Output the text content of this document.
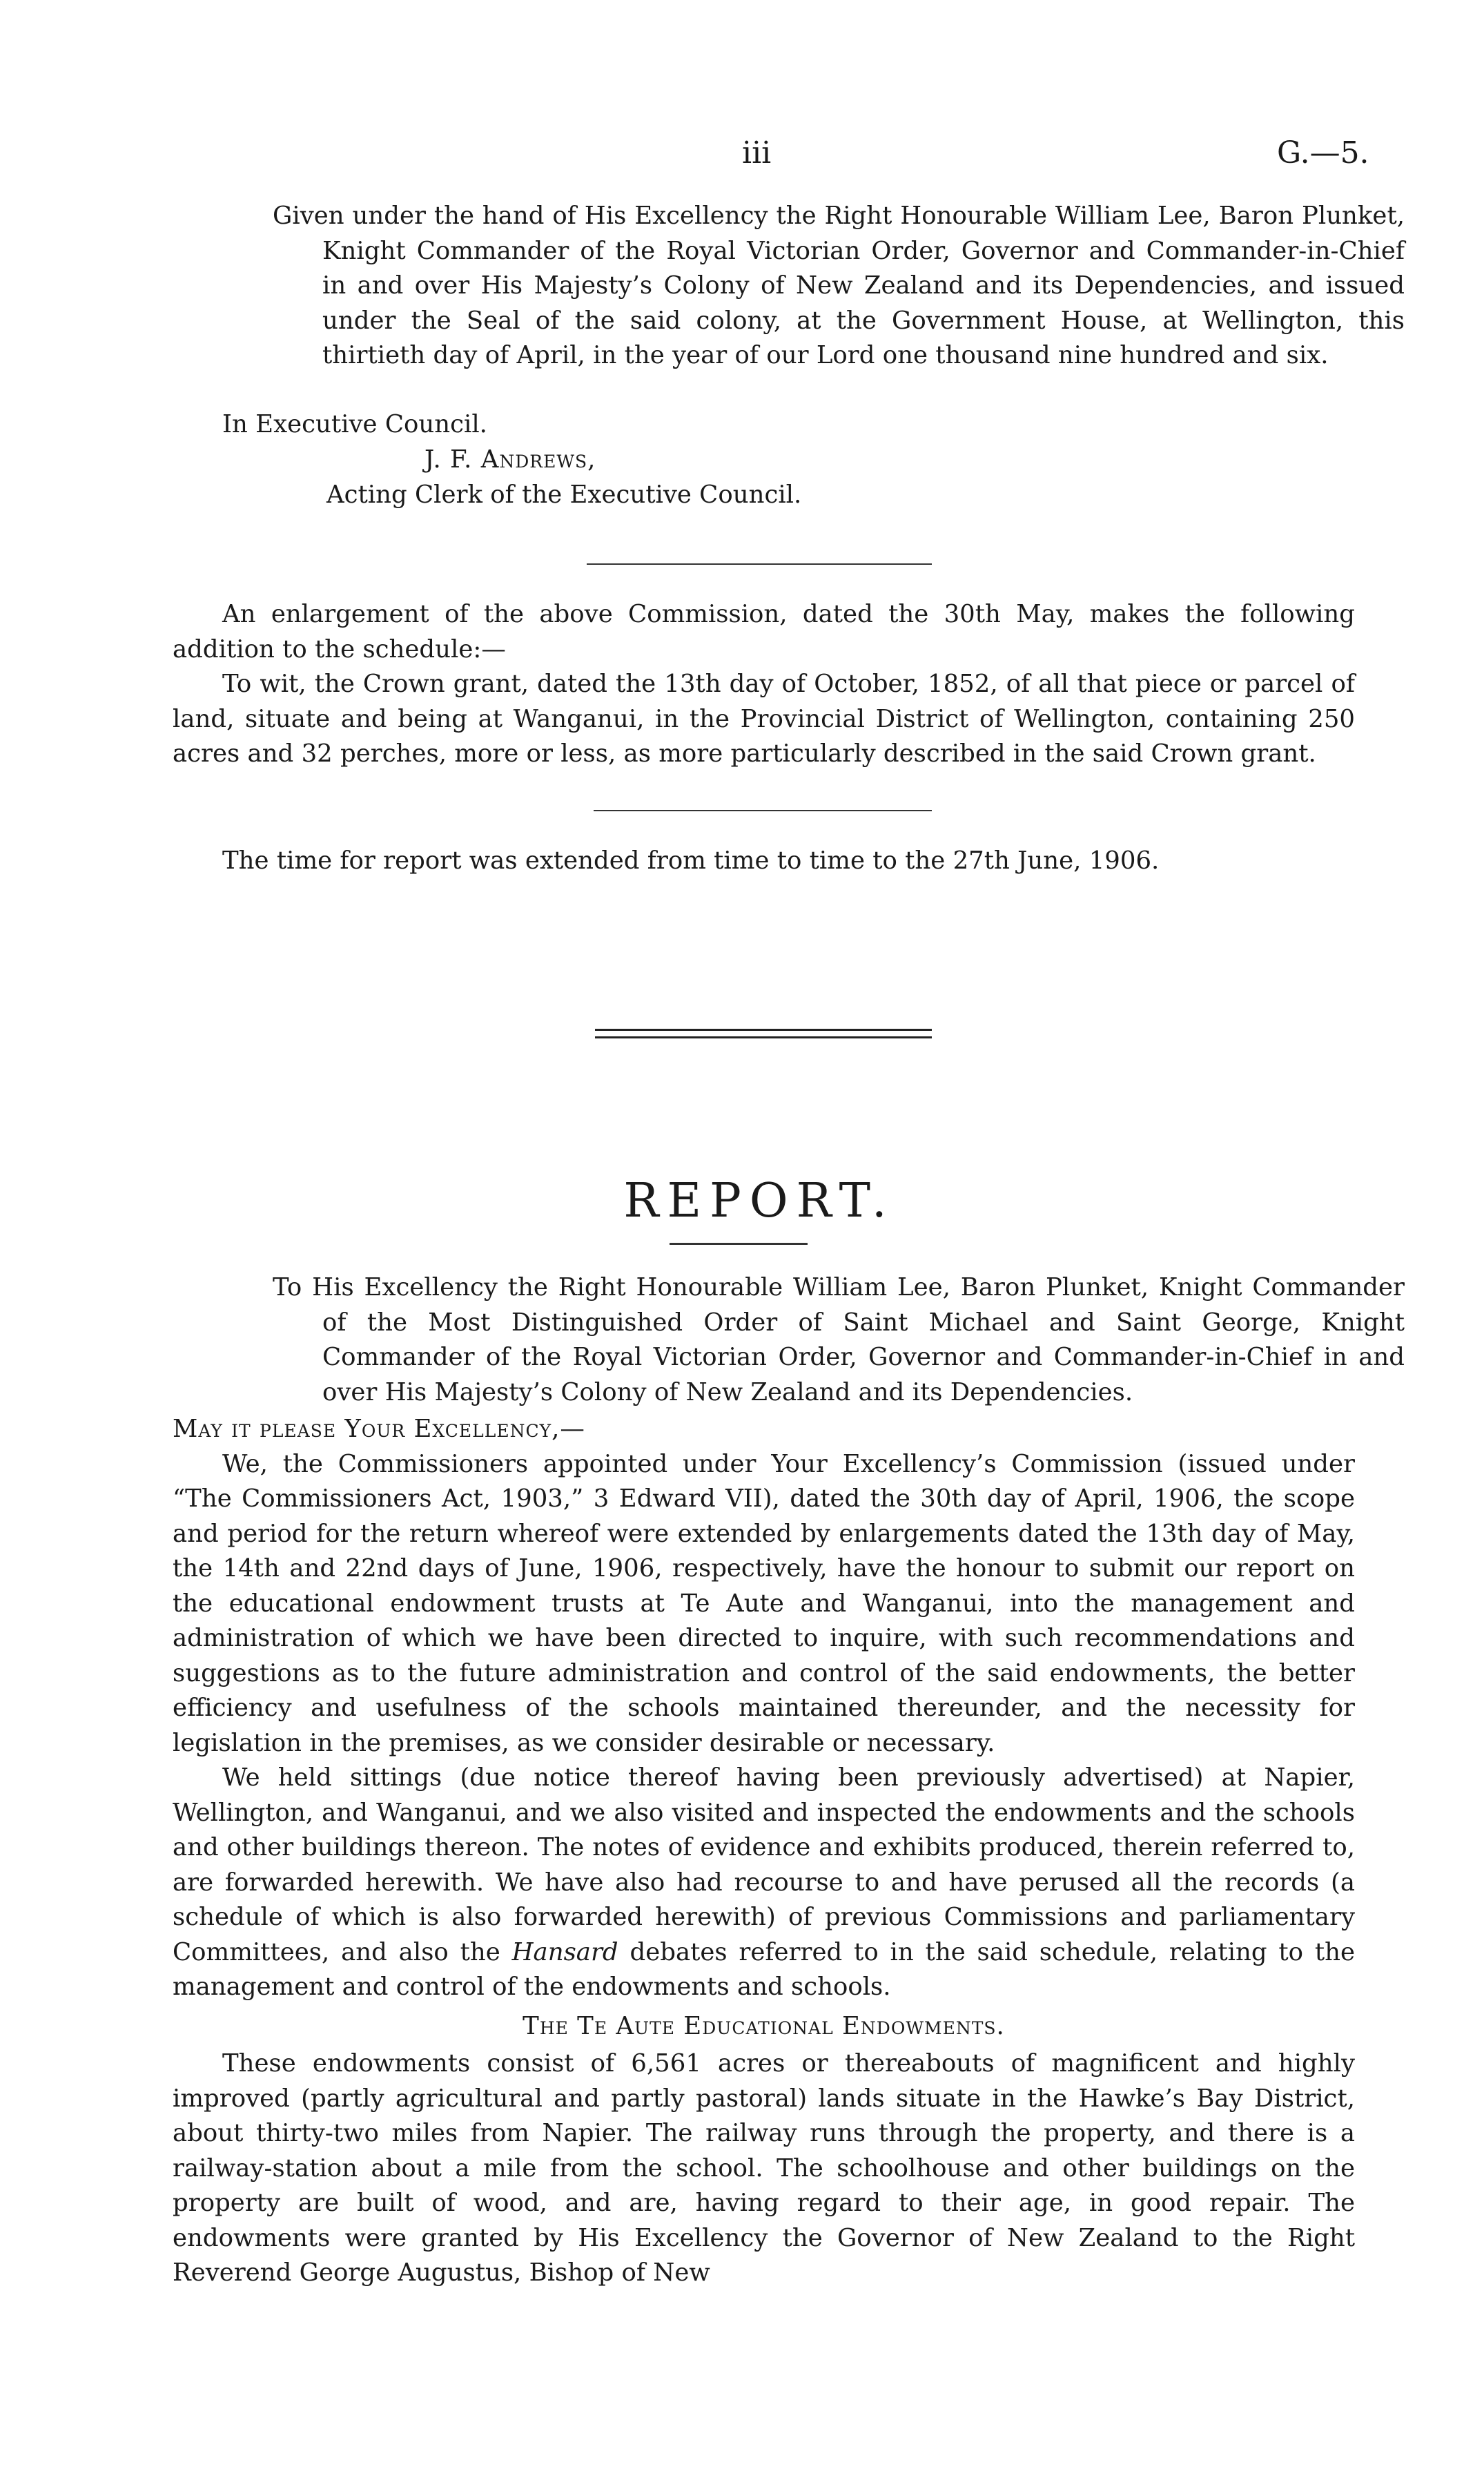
iii	G.—5.
Given under the hand of His Excellency the Right Honourable William Lee, Baron Plunket, Knight Commander of the Royal Victorian Order, Governor and Commander-in-Chief in and over His Majesty’s Colony of New Zealand and its Dependencies, and issued under the Seal of the said colony, at the Government House, at Wellington, this thirtieth day of April, in the year of our Lord one thousand nine hundred and six.
In Executive Council.
J. F. Andrews,
Acting Clerk of the Executive Council.

An enlargement of the above Commission, dated the 30th May, makes the following addition to the schedule:—

To wit, the Crown grant, dated the 13th day of October, 1852, of all that piece or parcel of land, situate and being at Wanganui, in the Provincial District of Wellington, containing 250 acres and 32 perches, more or less, as more particularly described in the said Crown grant.

The time for report was extended from time to time to the 27th June, 1906.
REPORT.
To His Excellency the Right Honourable William Lee, Baron Plunket, Knight Commander of the Most Distinguished Order of Saint Michael and Saint George, Knight Commander of the Royal Victorian Order, Governor and Commander-in-Chief in and over His Majesty’s Colony of New Zealand and its Dependencies.

May it please Your Excellency,—

We, the Commissioners appointed under Your Excellency’s Commission (issued under “The Commissioners Act, 1903,” 3 Edward VII), dated the 30th day of April, 1906, the scope and period for the return whereof were extended by enlargements dated the 13th day of May, the 14th and 22nd days of June, 1906, respectively, have the honour to submit our report on the educational endowment trusts at Te Aute and Wanganui, into the management and administration of which we have been directed to inquire, with such recommendations and suggestions as to the future administration and control of the said endowments, the better efficiency and usefulness of the schools maintained thereunder, and the necessity for legislation in the premises, as we consider desirable or necessary.

We held sittings (due notice thereof having been previously advertised) at Napier, Wellington, and Wanganui, and we also visited and inspected the endowments and the schools and other buildings thereon. The notes of evidence and exhibits produced, therein referred to, are forwarded herewith. We have also had recourse to and have perused all the records (a schedule of which is also forwarded herewith) of previous Commissions and parliamentary Committees, and also the Hansard debates referred to in the said schedule, relating to the management and control of the endowments and schools.

The Te Aute Educational Endowments.

These endowments consist of 6,561 acres or thereabouts of magnificent and highly improved (partly agricultural and partly pastoral) lands situate in the Hawke’s Bay District, about thirty-two miles from Napier. The railway runs through the property, and there is a railway-station about a mile from the school. The schoolhouse and other buildings on the property are built of wood, and are, having regard to their age, in good repair. The endowments were granted by His Excellency the Governor of New Zealand to the Right Reverend George Augustus, Bishop of New
